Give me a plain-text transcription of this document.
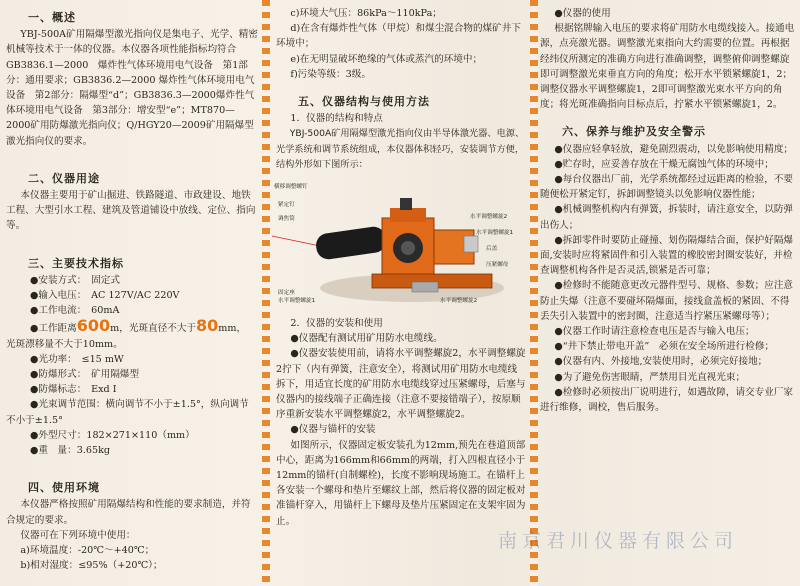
一、概述

YBJ-500A矿用隔爆型激光指向仪是集电子、光学、精密机械等技术于一体的仪器。本仪器各项性能指标均符合GB3836.1—2000　爆炸性气体环境用电气设备　第1部分：通用要求；GB3836.2—2000 爆炸性气体环境用电气设备　第2部分：隔爆型“d”；GB3836.3—2000爆炸性气体环境用电气设备　第3部分：增安型“e”；MT870—2000矿用防爆激光指向仪；Q/HGY20—2009矿用隔爆型激光指向仪的要求。

二、仪器用途

本仪器主要用于矿山掘进、铁路隧道、市政建设、地铁工程、大型引水工程、建筑及管道铺设中放线、定位、指向等。

三、主要技术指标

●安装方式：　固定式

●输入电压：　AC 127V/AC 220V

●工作电流：　60mA

●工作距离600m，光斑直径不大于80mm，

光斑漂移量不大于10mm。

●光功率：　≤15 mW

●防爆形式：　矿用隔爆型

●防爆标志：　Exd I

●光束调节范围：横向调节不小于±1.5°，纵向调节不小于±1.5°

●外型尺寸：182×271×110（mm）

●重　量：3.65kg

四、使用环境

本仪器严格按照矿用隔爆结构和性能的要求制造，并符合规定的要求。

仪器可在下列环境中使用：

a)环境温度：-20℃～+40℃；

b)相对湿度：≤95%（+20℃）；

c)环境大气压：86kPa～110kPa；

d)在含有爆炸性气体（甲烷）和煤尘混合物的煤矿井下环境中；

e)在无明显破坏绝缘的气体或蒸汽的环境中；

f)污染等级：3级。

五、仪器结构与使用方法

1．仪器的结构和特点

YBJ-500A矿用隔爆型激光指向仪由半导体激光器、电源、光学系统和调节系统组成，本仪器体积轻巧，安装调节方便，结构外形如下图所示：

横移调整螺钉
紧定钉
调焦筒	水平调整螺旋2
水平调整螺旋1
后盖
压紧螺母
固定座
水平调整螺旋1	水平调整螺旋2

2．仪器的安装和使用

●仪器配有测试用矿用防水电缆线。

●仪器安装使用前，请将水平调整螺旋2，水平调整螺旋2拧下（内有弹簧，注意安全），将测试用矿用防水电缆线拆下，用适宜长度的矿用防水电缆线穿过压紧螺母，后塞与仪器内的接线端子正确连接（注意不要接错端子），按原顺序重新安装水平调整螺旋2，水平调整螺旋2。

●仪器与锚杆的安装

如图所示，仪器固定板安装孔为12mm,预先在巷道顶部中心，距离为166mm和66mm的两端，打入四根直径小于12mm的锚杆(自制螺栓)，长度不影响现场施工。在锚杆上各安装一个螺母和垫片至螺纹上部，然后将仪器的固定板对准锚杆穿入，用锚杆上下螺母及垫片压紧固定在支架牢固为止。

●仪器的使用

根据铭牌输入电压的要求将矿用防水电缆线接入。接通电源，点亮激光器。调整激光束指向大约需要的位置。再根据经纬仪所测定的准确方向进行准确调整，调整俯仰调整螺旋即可调整激光束垂直方向的角度；松开水平锁紧螺旋1，2；调整仪器水平调整螺旋1，2即可调整激光束水平方向的角度；将光斑准确指向目标点后，拧紧水平锁紧螺旋1，2。

六、保养与维护及安全警示

●仪器应轻拿轻放，避免剧烈震动，以免影响使用精度；

●贮存时，应妥善存放在干燥无腐蚀气体的环境中；

●每台仪器出厂前，光学系统都经过远距离的检验，不要随便松开紧定钉，拆卸调整镜头以免影响仪器性能；

●机械调整机构内有弹簧，拆装时，请注意安全，以防弹出伤人；

●拆卸零件时要防止碰撞、划伤隔爆结合面，保护好隔爆面,安装时应将紧固件和引入装置的橡胶密封圈安装好，并检查调整机构各件是否灵活,锁紧是否可靠；

●检修时不能随意更改元器件型号、规格、参数；应注意防止失爆（注意不要碰坏隔爆面，接线盒盖板的紧固、不得丢失引入装置中的密封圈，注意适当拧紧压紧螺母等）；

●仪器工作时请注意检查电压是否与输入电压；

●“井下禁止带电开盖”　必须在安全场所进行检修；

●仪器有内、外接地,安装使用时，必须完好接地；

●为了避免伤害眼睛，严禁用目光直视光束；

●检修时必须按出厂说明进行，如遇故障，请交专业厂家进行维修，调校，售后服务。

南京君川仪器有限公司
